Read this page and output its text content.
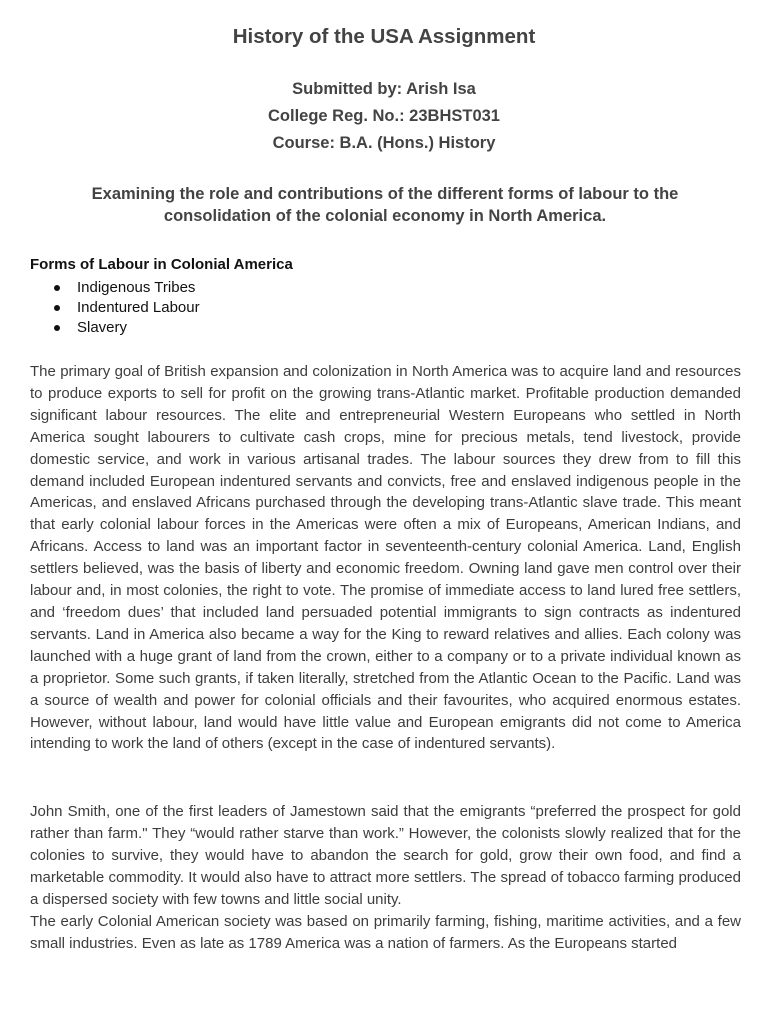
History of the USA Assignment
Submitted by: Arish Isa
College Reg. No.: 23BHST031
Course: B.A. (Hons.) History
Examining the role and contributions of the different forms of labour to the consolidation of the colonial economy in North America.
Forms of Labour in Colonial America
Indigenous Tribes
Indentured Labour
Slavery

The primary goal of British expansion and colonization in North America was to acquire land and resources to produce exports to sell for profit on the growing trans-Atlantic market. Profitable production demanded significant labour resources. The elite and entrepreneurial Western Europeans who settled in North America sought labourers to cultivate cash crops, mine for precious metals, tend livestock, provide domestic service, and work in various artisanal trades. The labour sources they drew from to fill this demand included European indentured servants and convicts, free and enslaved indigenous people in the Americas, and enslaved Africans purchased through the developing trans-Atlantic slave trade. This meant that early colonial labour forces in the Americas were often a mix of Europeans, American Indians, and Africans. Access to land was an important factor in seventeenth-century colonial America. Land, English settlers believed, was the basis of liberty and economic freedom. Owning land gave men control over their labour and, in most colonies, the right to vote. The promise of immediate access to land lured free settlers, and ‘freedom dues’ that included land persuaded potential immigrants to sign contracts as indentured servants. Land in America also became a way for the King to reward relatives and allies. Each colony was launched with a huge grant of land from the crown, either to a company or to a private individual known as a proprietor. Some such grants, if taken literally, stretched from the Atlantic Ocean to the Pacific. Land was a source of wealth and power for colonial officials and their favourites, who acquired enormous estates. However, without labour, land would have little value and European emigrants did not come to America intending to work the land of others (except in the case of indentured servants).

John Smith, one of the first leaders of Jamestown said that the emigrants “preferred the prospect for gold rather than farm." They “would rather starve than work.” However, the colonists slowly realized that for the colonies to survive, they would have to abandon the search for gold, grow their own food, and find a marketable commodity. It would also have to attract more settlers. The spread of tobacco farming produced a dispersed society with few towns and little social unity.

The early Colonial American society was based on primarily farming, fishing, maritime activities, and a few small industries. Even as late as 1789 America was a nation of farmers. As the Europeans started
